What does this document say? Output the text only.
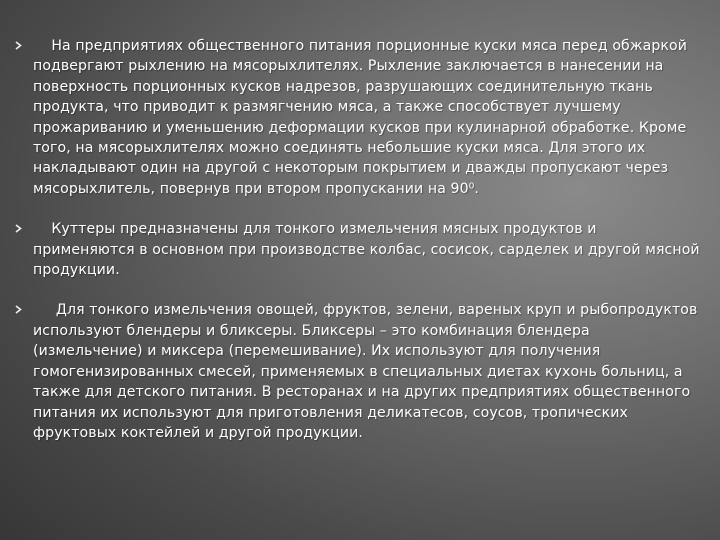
На предприятиях общественного питания порционные куски мяса перед обжаркой подвергают рыхлению на мясорыхлителях. Рыхление заключается в нанесении на поверхность порционных кусков надрезов, разрушающих соединительную ткань продукта, что приводит к размягчению мяса, а также способствует лучшему прожариванию и уменьшению деформации кусков при кулинарной обработке. Кроме того, на мясорыхлителях можно соединять небольшие куски мяса. Для этого их накладывают один на другой с некоторым покрытием и дважды пропускают через мясорыхлитель, повернув при втором пропускании на 90⁰.
Куттеры предназначены для тонкого измельчения мясных продуктов и применяются в основном при производстве колбас, сосисок, сарделек и другой мясной продукции.
Для тонкого измельчения овощей, фруктов, зелени, вареных круп и рыбопродуктов используют блендеры и бликсеры. Бликсеры – это комбинация блендера (измельчение) и миксера (перемешивание). Их используют для получения гомогенизированных смесей, применяемых в специальных диетах кухонь больниц, а также для детского питания. В ресторанах и на других предприятиях общественного питания их используют для приготовления деликатесов, соусов, тропических фруктовых коктейлей и другой продукции.
